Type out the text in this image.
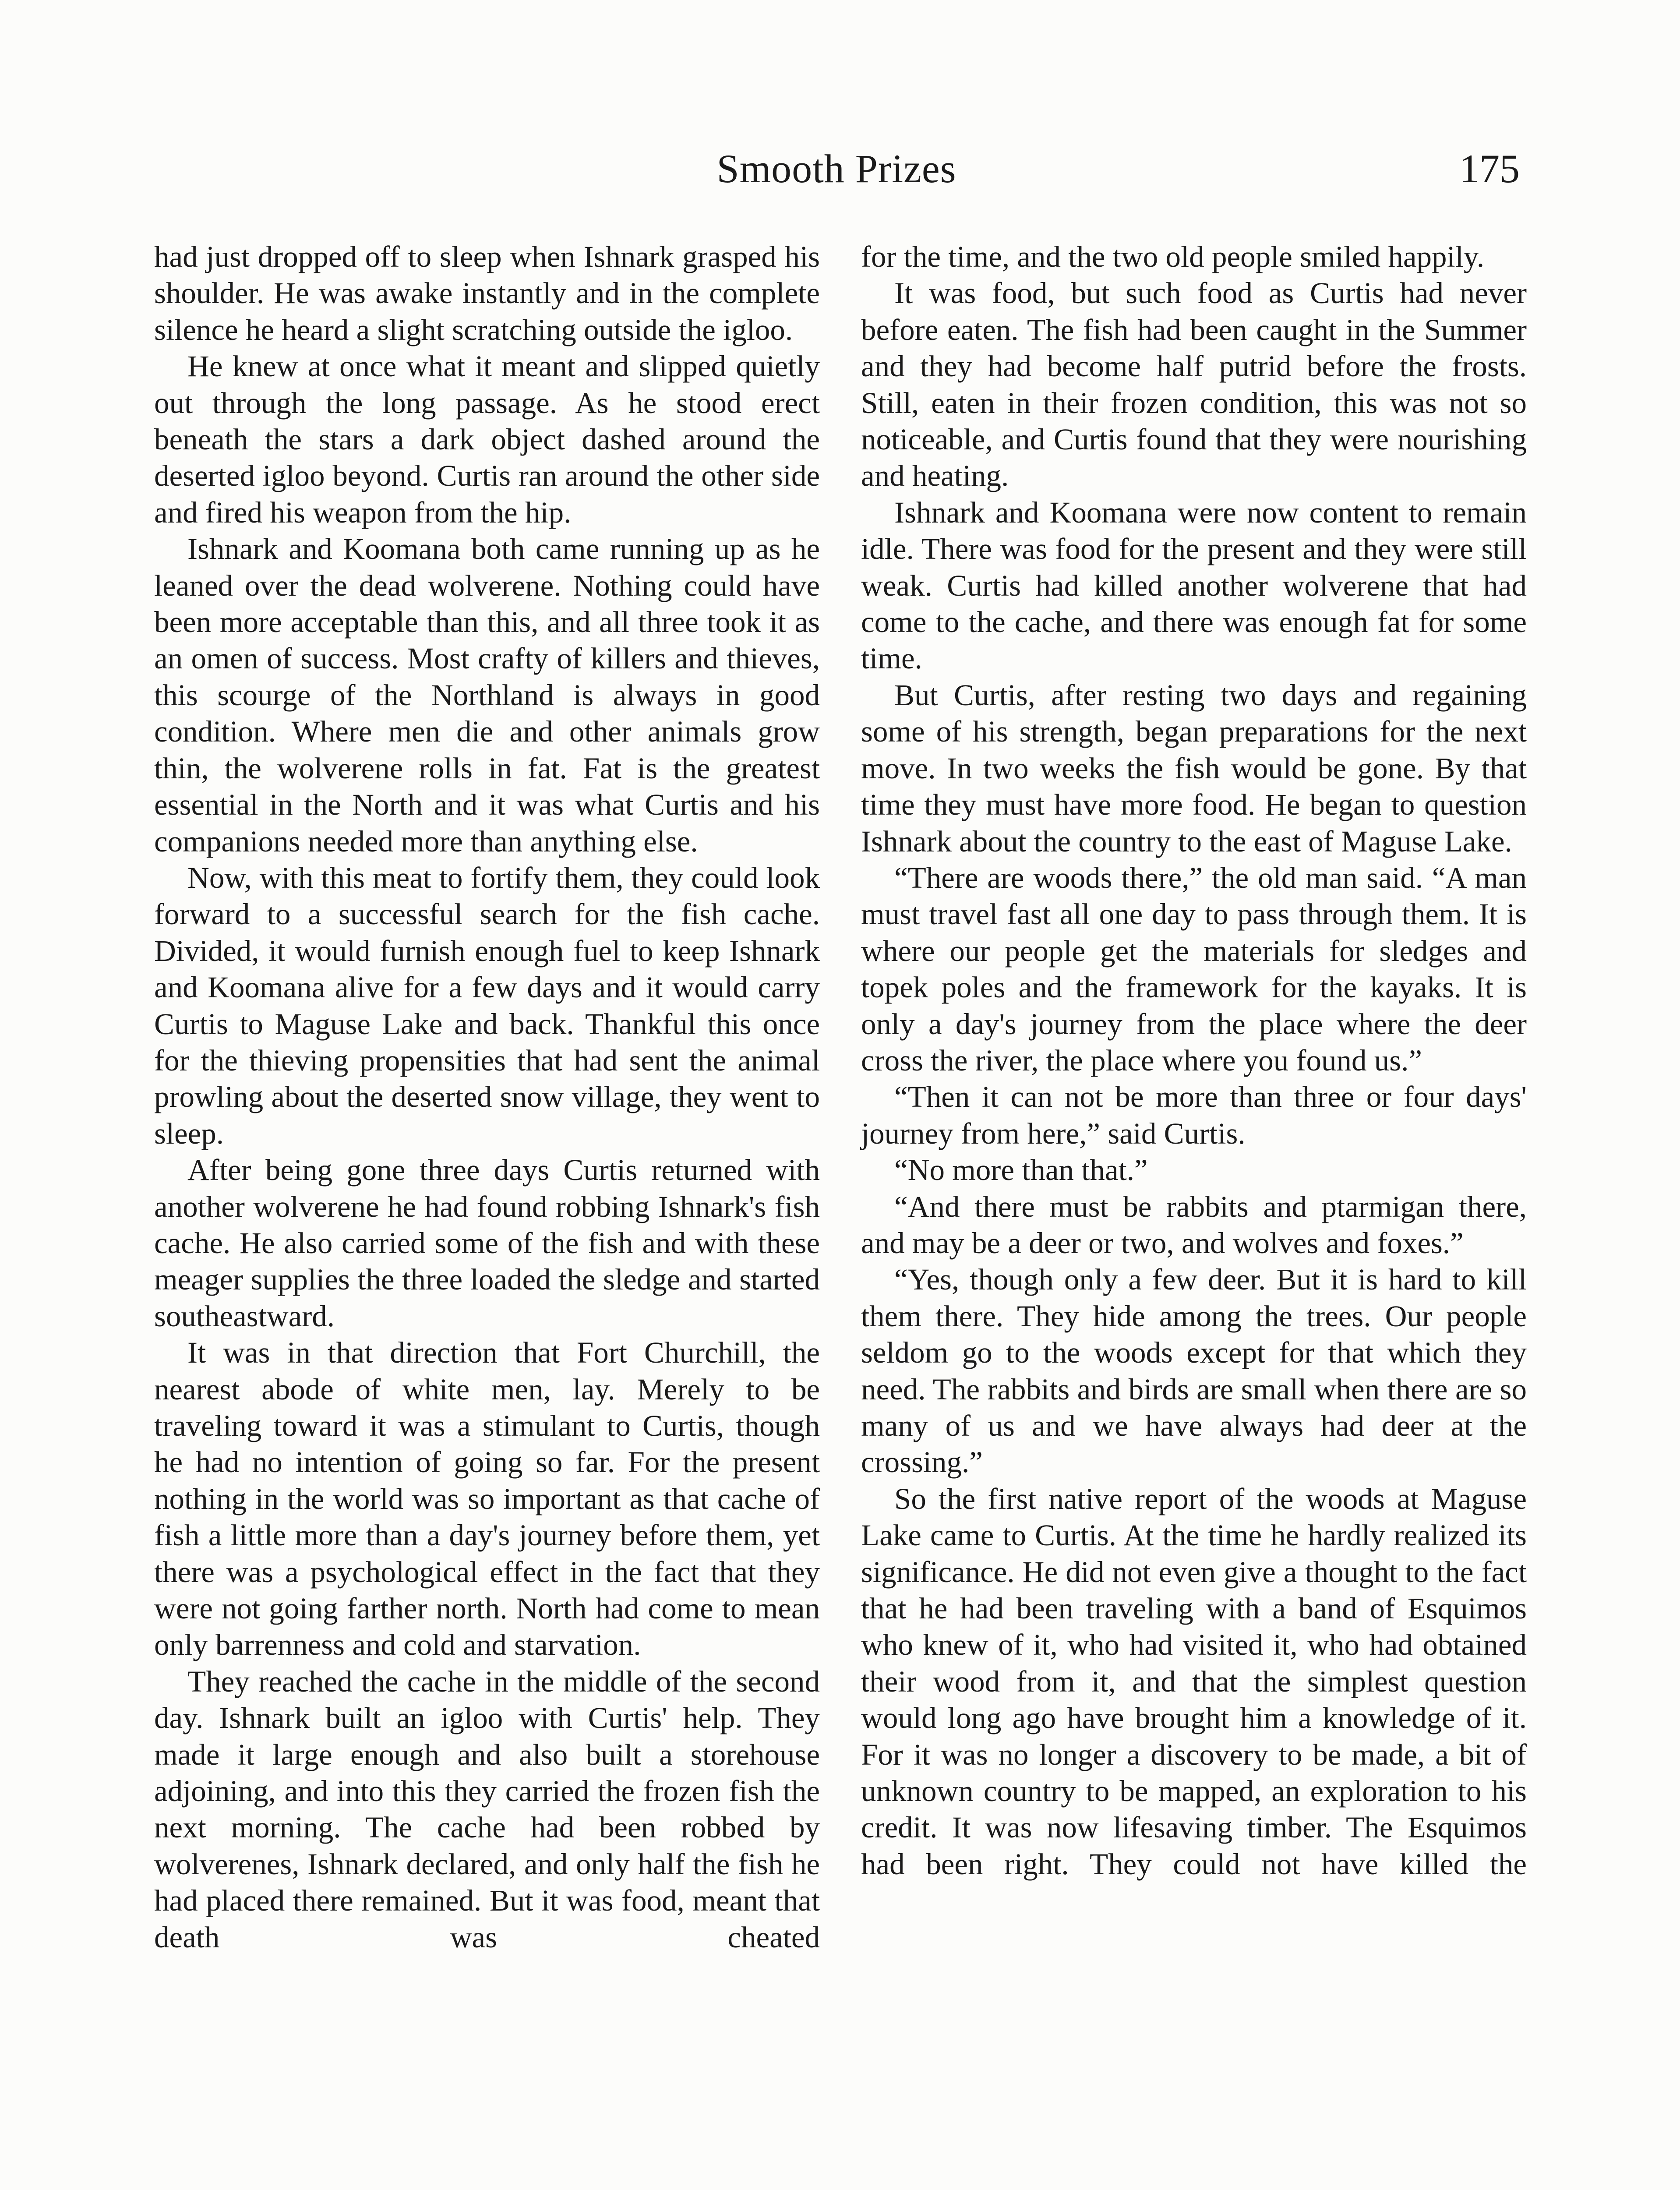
Smooth Prizes	175

had just dropped off to sleep when Ishnark grasped his shoulder. He was awake instantly and in the complete silence he heard a slight scratching outside the igloo.

He knew at once what it meant and slipped quietly out through the long passage. As he stood erect beneath the stars a dark object dashed around the deserted igloo beyond. Curtis ran around the other side and fired his weapon from the hip.

Ishnark and Koomana both came running up as he leaned over the dead wolverene. Nothing could have been more acceptable than this, and all three took it as an omen of success. Most crafty of killers and thieves, this scourge of the Northland is always in good condition. Where men die and other animals grow thin, the wolverene rolls in fat. Fat is the greatest essential in the North and it was what Curtis and his companions needed more than anything else.

Now, with this meat to fortify them, they could look forward to a successful search for the fish cache. Divided, it would furnish enough fuel to keep Ishnark and Koomana alive for a few days and it would carry Curtis to Maguse Lake and back. Thankful this once for the thieving propensities that had sent the animal prowling about the deserted snow village, they went to sleep.

After being gone three days Curtis returned with another wolverene he had found robbing Ishnark's fish cache. He also carried some of the fish and with these meager supplies the three loaded the sledge and started southeastward.

It was in that direction that Fort Churchill, the nearest abode of white men, lay. Merely to be traveling toward it was a stimulant to Curtis, though he had no intention of going so far. For the present nothing in the world was so important as that cache of fish a little more than a day's journey before them, yet there was a psychological effect in the fact that they were not going farther north. North had come to mean only barrenness and cold and starvation.

They reached the cache in the middle of the second day. Ishnark built an igloo with Curtis' help. They made it large enough and also built a storehouse adjoining, and into this they carried the frozen fish the next morning. The cache had been robbed by wolverenes, Ishnark declared, and only half the fish he had placed there remained. But it was food, meant that death was cheated

for the time, and the two old people smiled happily.

It was food, but such food as Curtis had never before eaten. The fish had been caught in the Summer and they had become half putrid before the frosts. Still, eaten in their frozen condition, this was not so noticeable, and Curtis found that they were nourishing and heating.

Ishnark and Koomana were now content to remain idle. There was food for the present and they were still weak. Curtis had killed another wolverene that had come to the cache, and there was enough fat for some time.

But Curtis, after resting two days and regaining some of his strength, began preparations for the next move. In two weeks the fish would be gone. By that time they must have more food. He began to question Ishnark about the country to the east of Maguse Lake.

“There are woods there,” the old man said. “A man must travel fast all one day to pass through them. It is where our people get the materials for sledges and topek poles and the framework for the kayaks. It is only a day's journey from the place where the deer cross the river, the place where you found us.”

“Then it can not be more than three or four days' journey from here,” said Curtis.

“No more than that.”

“And there must be rabbits and ptarmigan there, and may be a deer or two, and wolves and foxes.”

“Yes, though only a few deer. But it is hard to kill them there. They hide among the trees. Our people seldom go to the woods except for that which they need. The rabbits and birds are small when there are so many of us and we have always had deer at the crossing.”

So the first native report of the woods at Maguse Lake came to Curtis. At the time he hardly realized its significance. He did not even give a thought to the fact that he had been traveling with a band of Esquimos who knew of it, who had visited it, who had obtained their wood from it, and that the simplest question would long ago have brought him a knowledge of it. For it was no longer a discovery to be made, a bit of unknown country to be mapped, an exploration to his credit. It was now lifesaving timber. The Esquimos had been right. They could not have killed the
